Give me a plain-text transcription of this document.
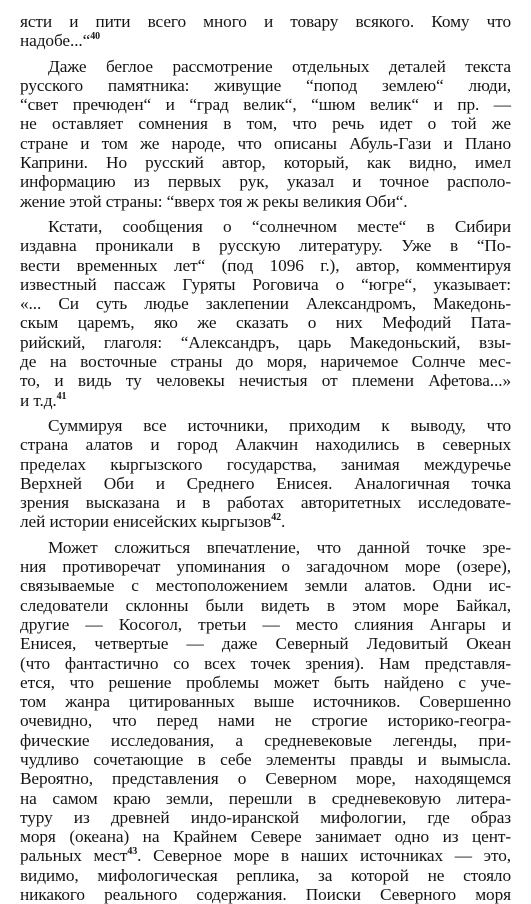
ясти и пити всего много и товару всякого. Кому что
надобе...“$^{40}$

Даже беглое рассмотрение отдельных деталей текста
русского памятника: живущие “попод землею“ люди,
“свет пречюден“ и “град велик“, “шюм велик“ и пр. —
не оставляет сомнения в том, что речь идет о той же
стране и том же народе, что описаны Абуль-Гази и Плано
Каприни. Но русский автор, который, как видно, имел
информацию из первых рук, указал и точное располо-
жение этой страны: “вверх тоя ж рекы великия Оби“.

Кстати, сообщения о “солнечном месте“ в Сибири
издавна проникали в русскую литературу. Уже в “По-
вести временных лет“ (под 1096 г.), автор, комментируя
известный пассаж Гуряты Роговича о “югре“, указывает:
«... Си суть людье заклепении Александромъ, Македонь-
скым царемъ, яко же сказать о них Мефодий Пата-
рийский, глаголя: “Александръ, царь Македоньский, взы-
де на восточные страны до моря, наричемое Солнче мес-
то, и видь ту человекы нечистыя от племени Афетова...»
и т.д.$^{41}$

Суммируя все источники, приходим к выводу, что
страна алатов и город Алакчин находились в северных
пределах кыргызского государства, занимая междуречье
Верхней Оби и Среднего Енисея. Аналогичная точка
зрения высказана и в работах авторитетных исследовате-
лей истории енисейских кыргызов$^{42}$.

Может сложиться впечатление, что данной точке зре-
ния противоречат упоминания о загадочном море (озере),
связываемые с местоположением земли алатов. Одни ис-
следователи склонны были видеть в этом море Байкал,
другие — Косогол, третьи — место слияния Ангары и
Енисея, четвертые — даже Северный Ледовитый Океан
(что фантастично со всех точек зрения). Нам представля-
ется, что решение проблемы может быть найдено с уче-
том жанра цитированных выше источников. Совершенно
очевидно, что перед нами не строгие историко-геогра-
фические исследования, а средневековые легенды, при-
чудливо сочетающие в себе элементы правды и вымысла.
Вероятно, представления о Северном море, находящемся
на самом краю земли, перешли в средневековую литера-
туру из древней индо-иранской мифологии, где образ
моря (океана) на Крайнем Севере занимает одно из цент-
ральных мест$^{43}$. Северное море в наших источниках — это,
видимо, мифологическая реплика, за которой не стояло
никакого реального содержания. Поиски Северного моря
